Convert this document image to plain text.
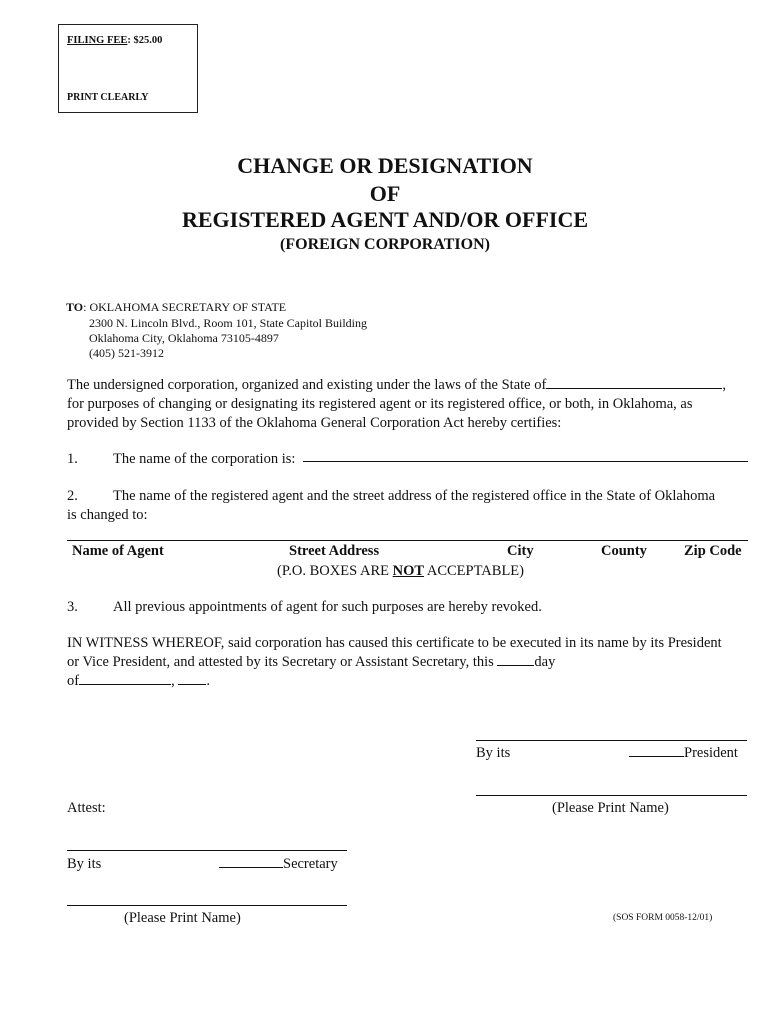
FILING FEE: $25.00
PRINT CLEARLY
CHANGE OR DESIGNATION
OF
REGISTERED AGENT AND/OR OFFICE
(FOREIGN CORPORATION)
TO: OKLAHOMA SECRETARY OF STATE
2300 N. Lincoln Blvd., Room 101, State Capitol Building
Oklahoma City, Oklahoma 73105-4897
(405) 521-3912
The undersigned corporation, organized and existing under the laws of the State of	,
for purposes of changing or designating its registered agent or its registered office, or both, in Oklahoma, as
provided by Section 1133 of the Oklahoma General Corporation Act hereby certifies:
1. The name of the corporation is:
2. The name of the registered agent and the street address of the registered office in the State of Oklahoma
is changed to:
Name of Agent	Street Address	City	County	Zip Code
(P.O. BOXES ARE NOT ACCEPTABLE)
3. All previous appointments of agent for such purposes are hereby revoked.
IN WITNESS WHEREOF, said corporation has caused this certificate to be executed in its name by its President
or Vice President, and attested by its Secretary or Assistant Secretary, this	day
of	, .
By its	President
(Please Print Name)
Attest:
By its	Secretary
(Please Print Name)	(SOS FORM 0058-12/01)
